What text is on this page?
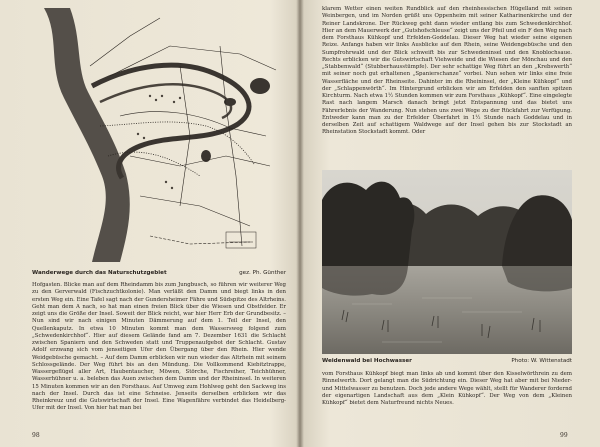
Wanderwege durch das Naturschutzgebiet	gez. Ph. Günther

Hofgasten. Blicke man auf dem Rheindamm bis zum Jungbusch, so führen wir weiterer Weg zu den Gerverwald (Fischzuchtkolonie). Man verläßt den Damm und biegt links in den ersten Weg ein. Eine Tafel sagt nach der Gundersheimer Fähre und Südspitze des Altrheins. Geht man dem A nach, so hat man einen freien Blick über die Wiesen und Obstfelder. Er zeigt uns die Größe der Insel. Soweit der Blick reicht, war hier Herr Erb der Grundbesitz. – Nun sind wir nach einigen Minuten Dämmerung auf dem 1. Teil der Insel, den Quellenkaputz. In etwa 10 Minuten kommt man dem Wassersweg folgend zum „Schwedenkirchhof“. Hier auf diesem Gelände fand am 7. Dezember 1631 die Schlacht zwischen Spaniern und den Schweden statt und Truppenaufgebot der Schlacht. Gustav Adolf erzwang sich vom jenseitigen Ufer den Übergang über den Rhein. Hier wende Weidgebüsche gemacht. – Auf dem Damm erblicken wir nun wieder das Altrhein mit seinem Schlossgelände. Der Weg führt bis an den Mündung. Die Vollkommend Kiebitztrappe, Wassergeflügel aller Art, Haubentaucher, Möwen, Störche, Fischreiher, Teichhühner, Wasserhühner u. a. beleben das Auen zwischen dem Damm und der Rheininsel. In weiteren 15 Minuten kommen wir an den Forsthaus. Auf Umweg zum Hohlweg geht den Sackweg ins nach der Insel. Durch das ist eine Schneise. Jenseits derselben erblicken wir das Rheinkreuz und die Gutswirtschaft der Insel. Eine Wagenfähre verbindet das Heidelberg-Ufer mit der Insel. Von hier hat man bei

98

klarem Wetter einen weiten Rundblick auf den rheinhessischen Hügelland mit seinen Weinbergen, und im Norden grüßt uns Oppenheim mit seiner Katharinenkirche und der Reiner Landskrone. Der Rückweg geht dann wieder entlang bis zum Schwedenkirchhof. Hier an dem Mauerwerk der „Gutshofschleuse“ zeigt uns der Pfeil und ein F den Weg nach dem Forsthaus Kühkopf und Erfelden-Goddelau. Dieser Weg hat wieder seine eigenen Reize. Anfangs haben wir links Ausblicke auf den Rhein, seine Weidengebüsche und den Sumpfrohrwald und der Blick schweift bis zur Schwedeninsel und den Knoblochsaue. Rechts erblicken wir die Gutswirtschaft Viehweide und die Wiesen der Mönchau und den „Stabbenwald“ (Stubberhausstümpfe). Der sehr schattige Weg führt an den „Krebswerth“ mit seiner noch gut erhaltenen „Spanierschanze“ vorbei. Nun sehen wir links eine freie Wasserfläche und der Rheinseite. Dahinter im die Rheininsel, der „Kleine Kühkopf“ und der „Schlappenwörth“. Im Hintergrund erblicken wir am Erfelden den sanften spitzen Kirchturm. Nach etwa 1½ Stunden kommen wir zum Forsthaus „Kühkopf“. Eine eingelegte Rast nach langem Marsch danach bringt jetzt Entspannung und das bietet uns Fährerlebnis der Wanderung. Nun stehen uns zwei Wege zu der Rückfahrt zur Verfügung. Entweder kann man zu der Erfelder Überfahrt in 1½ Stunde nach Goddelau und in derselben Zeit auf schattigem Waldwege auf der Insel gehen bis zur Stockstadt an Rheinstation Stockstadt kommt. Oder

Weidenwald bei Hochwasser	Photo: W. Wittenstadt

vom Forsthaus Kühkopf biegt man links ab und kommt über den Kisselwörthrein zu dem Rinnelwerth. Dort gelangt man die Südrichtung ein. Dieser Weg hat aber mit bei Nieder- und Mittelwasser zu benutzen. Doch jede andere Wege wählt, stellt für Wanderer fordernd der eigenartigen Landschaft aus dem „Klein Kühkopf“. Der Weg von dem „Kleinen Kühkopf“ bietet dem Naturfreund nichts Neues.

99
